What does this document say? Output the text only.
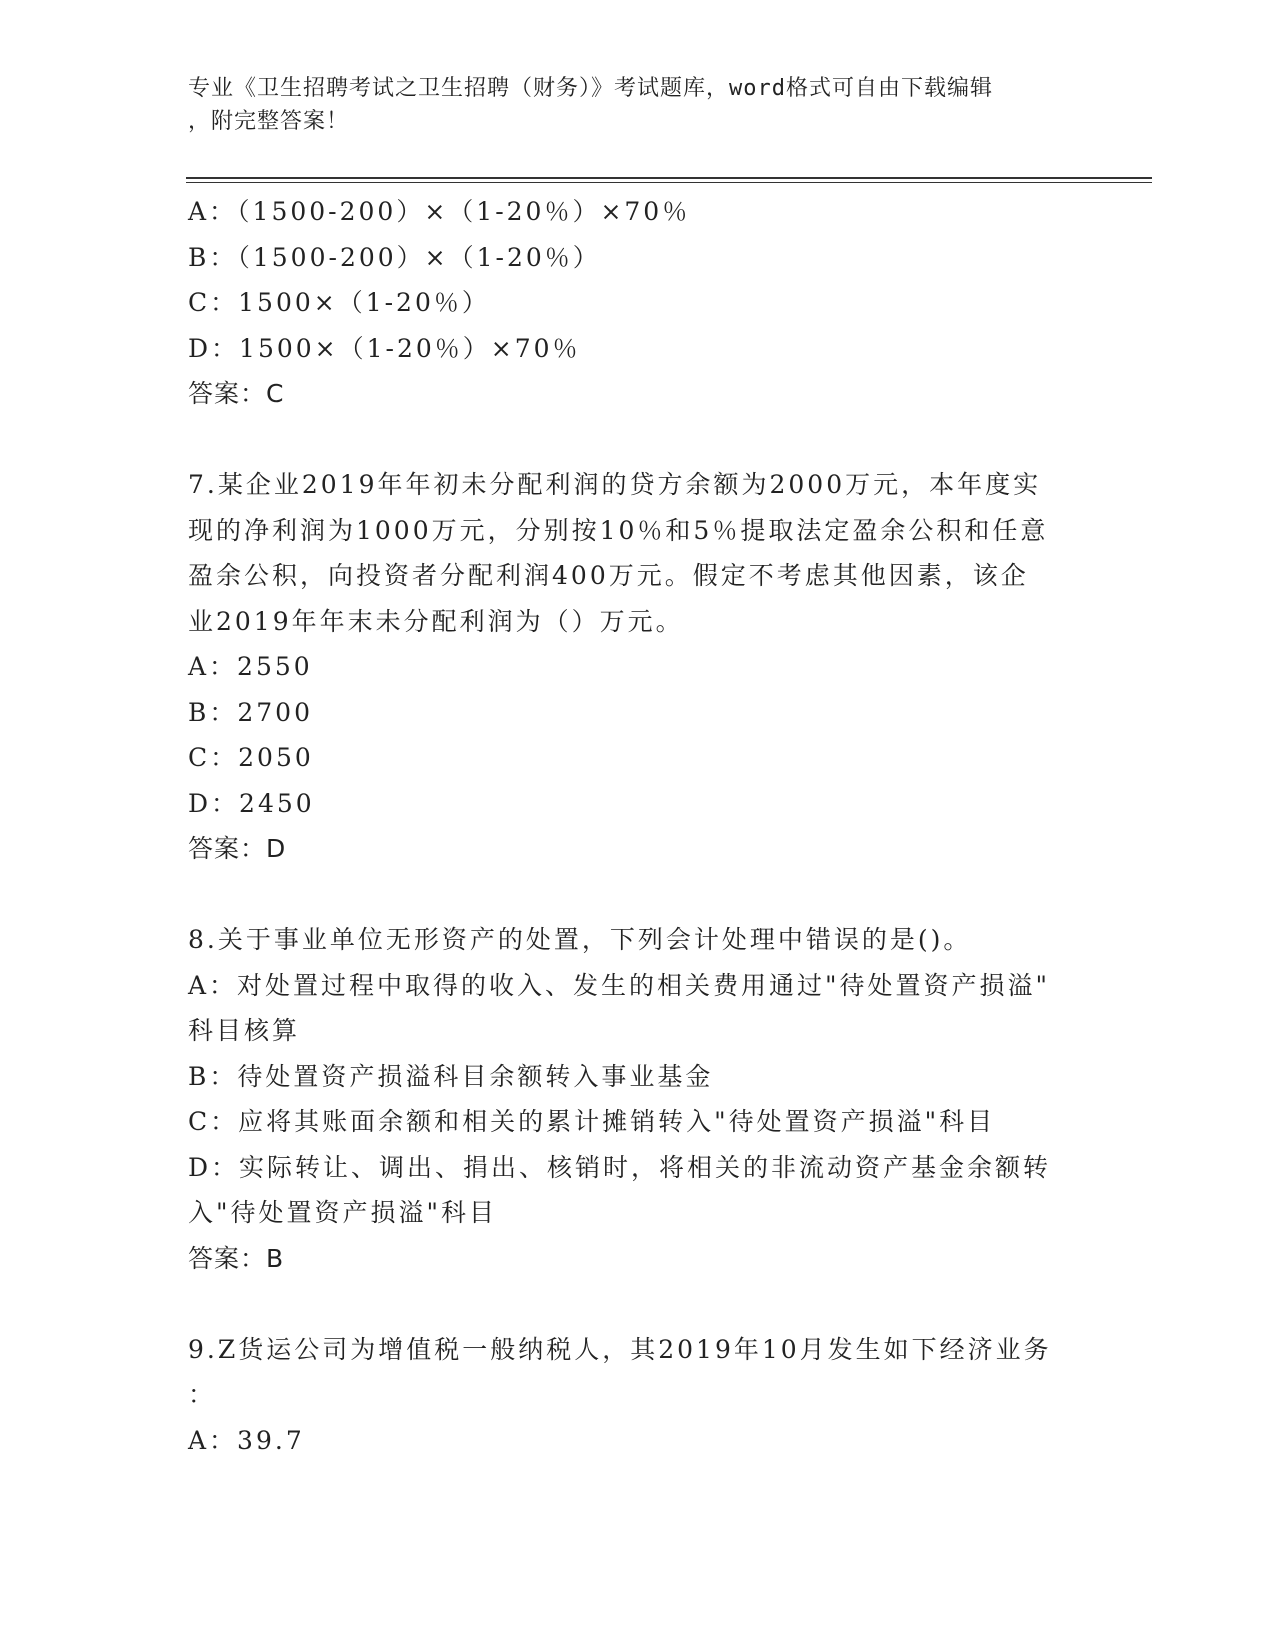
专业《卫生招聘考试之卫生招聘（财务）》考试题库，word格式可自由下载编辑
，附完整答案！
A：（1500-200）×（1-20％）×70％
B：（1500-200）×（1-20％）
C：1500×（1-20％）
D：1500×（1-20％）×70％
答案：C
7.某企业2019年年初未分配利润的贷方余额为2000万元，本年度实
现的净利润为1000万元，分别按10％和5％提取法定盈余公积和任意
盈余公积，向投资者分配利润400万元。假定不考虑其他因素，该企
业2019年年末未分配利润为（）万元。
A：2550
B：2700
C：2050
D：2450
答案：D
8.关于事业单位无形资产的处置，下列会计处理中错误的是()。
A：对处置过程中取得的收入、发生的相关费用通过"待处置资产损溢"
科目核算
B：待处置资产损溢科目余额转入事业基金
C：应将其账面余额和相关的累计摊销转入"待处置资产损溢"科目
D：实际转让、调出、捐出、核销时，将相关的非流动资产基金余额转
入"待处置资产损溢"科目
答案：B
9.Z货运公司为增值税一般纳税人，其2019年10月发生如下经济业务
：
A：39.7
